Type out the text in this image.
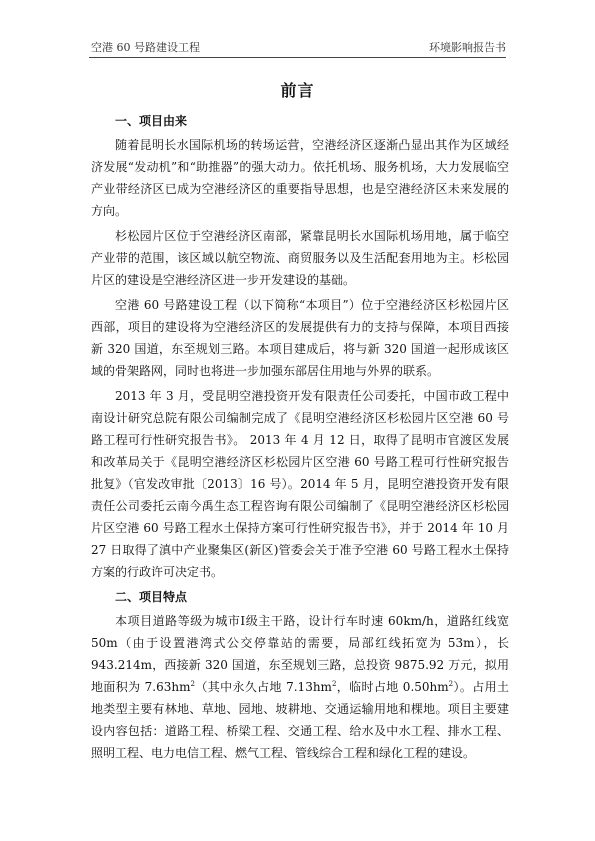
空港 60 号路建设工程	环境影响报告书
前言
一、项目由来

随着昆明长水国际机场的转场运营，空港经济区逐渐凸显出其作为区域经济发展“发动机”和“助推器”的强大动力。依托机场、服务机场，大力发展临空产业带经济区已成为空港经济区的重要指导思想，也是空港经济区未来发展的方向。

杉松园片区位于空港经济区南部，紧靠昆明长水国际机场用地，属于临空产业带的范围，该区域以航空物流、商贸服务以及生活配套用地为主。杉松园片区的建设是空港经济区进一步开发建设的基础。

空港 60 号路建设工程（以下简称“本项目”）位于空港经济区杉松园片区西部，项目的建设将为空港经济区的发展提供有力的支持与保障，本项目西接新 320 国道，东至规划三路。本项目建成后，将与新 320 国道一起形成该区域的骨架路网，同时也将进一步加强东部居住用地与外界的联系。

2013 年 3 月，受昆明空港投资开发有限责任公司委托，中国市政工程中南设计研究总院有限公司编制完成了《昆明空港经济区杉松园片区空港 60 号路工程可行性研究报告书》。 2013 年 4 月 12 日，取得了昆明市官渡区发展和改革局关于《昆明空港经济区杉松园片区空港 60 号路工程可行性研究报告批复》（官发改审批〔2013〕16 号）。2014 年 5 月，昆明空港投资开发有限责任公司委托云南今禹生态工程咨询有限公司编制了《昆明空港经济区杉松园片区空港 60 号路工程水土保持方案可行性研究报告书》，并于 2014 年 10 月 27 日取得了滇中产业聚集区(新区)管委会关于准予空港 60 号路工程水土保持方案的行政许可决定书。

二、项目特点

本项目道路等级为城市Ⅰ级主干路，设计行车时速 60km/h，道路红线宽 50m（由于设置港湾式公交停靠站的需要，局部红线拓宽为 53m），长 943.214m，西接新 320 国道，东至规划三路，总投资 9875.92 万元，拟用地面积为 $7.63hm^2$（其中永久占地 $7.13hm^2$，临时占地 $0.50hm^2$）。占用土地类型主要有林地、草地、园地、坡耕地、交通运输用地和棵地。项目主要建设内容包括：道路工程、桥梁工程、交通工程、给水及中水工程、排水工程、照明工程、电力电信工程、燃气工程、管线综合工程和绿化工程的建设。
